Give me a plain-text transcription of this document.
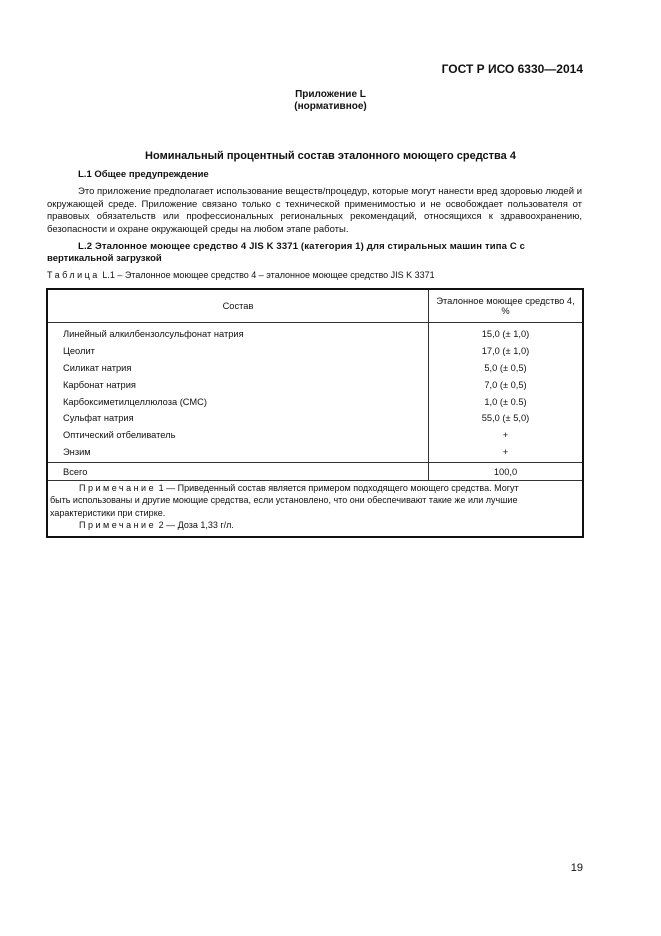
ГОСТ Р ИСО 6330—2014
Приложение L
(нормативное)
Номинальный процентный состав эталонного моющего средства 4
L.1 Общее предупреждение

Это приложение предполагает использование веществ/процедур, которые могут нанести вред здоровью людей и окружающей среде. Приложение связано только с технической применимостью и не освобождает пользователя от правовых обязательств или профессиональных региональных рекомендаций, относящихся к здравоохранению, безопасности и охране окружающей среды на любом этапе работы.

L.2 Эталонное моющее средство 4 JIS K 3371 (категория 1) для стиральных машин типа С с
вертикальной загрузкой
Таблица L.1 – Эталонное моющее средство 4 – эталонное моющее средство JIS K 3371
Состав	Эталонное моющее средство 4,
%

Линейный алкилбензолсульфонат натрия	15,0 (± 1,0)
Цеолит	17,0 (± 1,0)
Силикат натрия	5,0 (± 0,5)
Карбонат натрия	7,0 (± 0,5)
Карбоксиметилцеллюлоза (СМС)	1,0 (± 0.5)
Сульфат натрия	55,0 (± 5,0)
Оптический отбеливатель	+
Энзим	+
Всего	100,0

Примечание 1 — Приведенный состав является примером подходящего моющего средства. Могут

быть использованы и другие моющие средства, если установлено, что они обеспечивают такие же или лучшие

характеристики при стирке.

Примечание 2 — Доза 1,33 г/л.	

19
